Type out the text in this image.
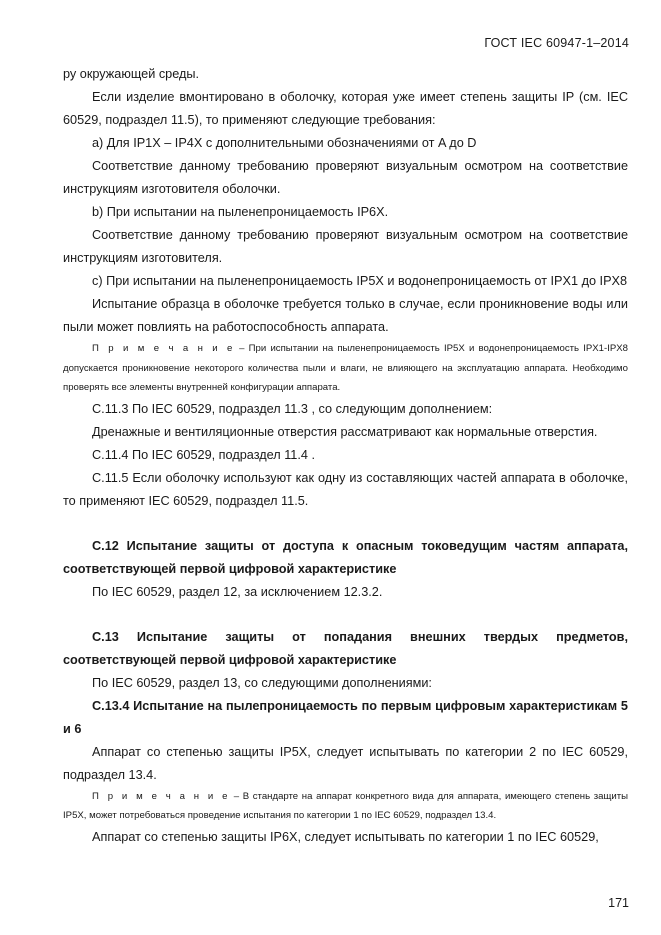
ГОСТ IEC 60947-1–2014

ру окружающей среды.

Если изделие вмонтировано в оболочку, которая уже имеет степень защиты IP (см. IEC 60529, подраздел 11.5), то применяют следующие требования:

a) Для IP1X – IP4X с дополнительными обозначениями от A до D

Соответствие данному требованию проверяют визуальным осмотром на соответствие инструкциям изготовителя оболочки.

b) При испытании на пыленепроницаемость IP6X.

Соответствие данному требованию проверяют визуальным осмотром на соответствие инструкциям изготовителя.

c) При испытании на пыленепроницаемость IP5X и водонепроницаемость от IPX1 до IPX8

Испытание образца в оболочке требуется только в случае, если проникновение воды или пыли может повлиять на работоспособность аппарата.

П р и м е ч а н и е – При испытании на пыленепроницаемость IP5X и водонепроницаемость IPX1-IPX8 допускается проникновение некоторого количества пыли и влаги, не влияющего на эксплуатацию аппарата. Необходимо проверять все элементы внутренней конфигурации аппарата.

C.11.3 По IEC 60529, подраздел 11.3 , со следующим дополнением:

Дренажные и вентиляционные отверстия рассматривают как нормальные отверстия.

C.11.4 По IEC 60529, подраздел 11.4 .

C.11.5 Если оболочку используют как одну из составляющих частей аппарата в оболочке, то применяют IEC 60529, подраздел 11.5.

C.12 Испытание защиты от доступа к опасным токоведущим частям аппарата, соответствующей первой цифровой характеристике

По IEC 60529, раздел 12, за исключением 12.3.2.

C.13 Испытание защиты от попадания внешних твердых предметов, соответствующей первой цифровой характеристике

По IEC 60529, раздел 13, со следующими дополнениями:

C.13.4 Испытание на пылепроницаемость по первым цифровым характеристикам 5 и 6

Аппарат со степенью защиты IP5X, следует испытывать по категории 2 по IEC 60529, подраздел 13.4.

П р и м е ч а н и е – В стандарте на аппарат конкретного вида для аппарата, имеющего степень защиты IP5X, может потребоваться проведение испытания по категории 1 по IEC 60529, подраздел 13.4.

Аппарат со степенью защиты IP6X, следует испытывать по категории 1 по IEC 60529,

171
